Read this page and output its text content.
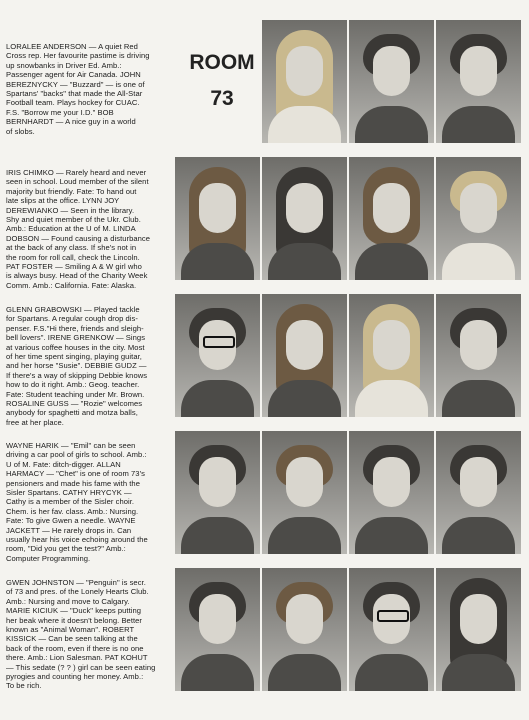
LORALEE ANDERSON — A quiet Red
Cross rep. Her favourite pastime is driving
up snowbanks in Driver Ed. Amb.:
Passenger agent for Air Canada. JOHN
BEREZNYCKY — "Buzzard" — is one of
Spartans' "backs" that made the All-Star
Football team. Plays hockey for CUAC.
F.S. "Borrow me your I.D." BOB
BERNHARDT — A nice guy in a world
of slobs.

ROOM
73

IRIS CHIMKO — Rarely heard and never
seen in school. Loud member of the silent
majority but friendly. Fate: To hand out
late slips at the office. LYNN JOY
DEREWIANKO — Seen in the library.
Shy and quiet member of the Ukr. Club.
Amb.: Education at the U of M. LINDA
DOBSON — Found causing a disturbance
at the back of any class. If she's not in
the room for roll call, check the Lincoln.
PAT FOSTER — Smiling A & W girl who
is always busy. Head of the Charity Week
Comm. Amb.: California. Fate: Alaska.

GLENN GRABOWSKI — Played tackle
for Spartans. A regular cough drop dis-
penser. F.S."Hi there, friends and sleigh-
bell lovers". IRENE GRENKOW — Sings
at various coffee houses in the city. Most
of her time spent singing, playing guitar,
and her horse "Susie". DEBBIE GUDZ —
If there's a way of skipping Debbie knows
how to do it right. Amb.: Geog. teacher.
Fate: Student teaching under Mr. Brown.
ROSALINE GUSS — "Rozie" welcomes
anybody for spaghetti and motza balls,
free at her place.

WAYNE HARIK — "Emil" can be seen
driving a car pool of girls to school. Amb.:
U of M. Fate: ditch-digger. ALLAN
HARMACY — "Chet" is one of room 73's
pensioners and made his fame with the
Sisler Spartans. CATHY HRYCYK —
Cathy is a member of the Sisler choir.
Chem. is her fav. class. Amb.: Nursing.
Fate: To give Gwen a needle. WAYNE
JACKETT — He rarely drops in. Can
usually hear his voice echoing around the
room, "Did you get the test?" Amb.:
Computer Programming.

GWEN JOHNSTON — "Penguin" is secr.
of 73 and pres. of the Lonely Hearts Club.
Amb.: Nursing and move to Calgary.
MARIE KICIUK — "Duck" keeps putting
her beak where it doesn't belong. Better
known as "Animal Woman". ROBERT
KISSICK — Can be seen talking at the
back of the room, even if there is no one
there. Amb.: Lion Salesman. PAT KOHUT
— This sedate (? ? ) girl can be seen eating
pyrogies and counting her money. Amb.:
To be rich.
